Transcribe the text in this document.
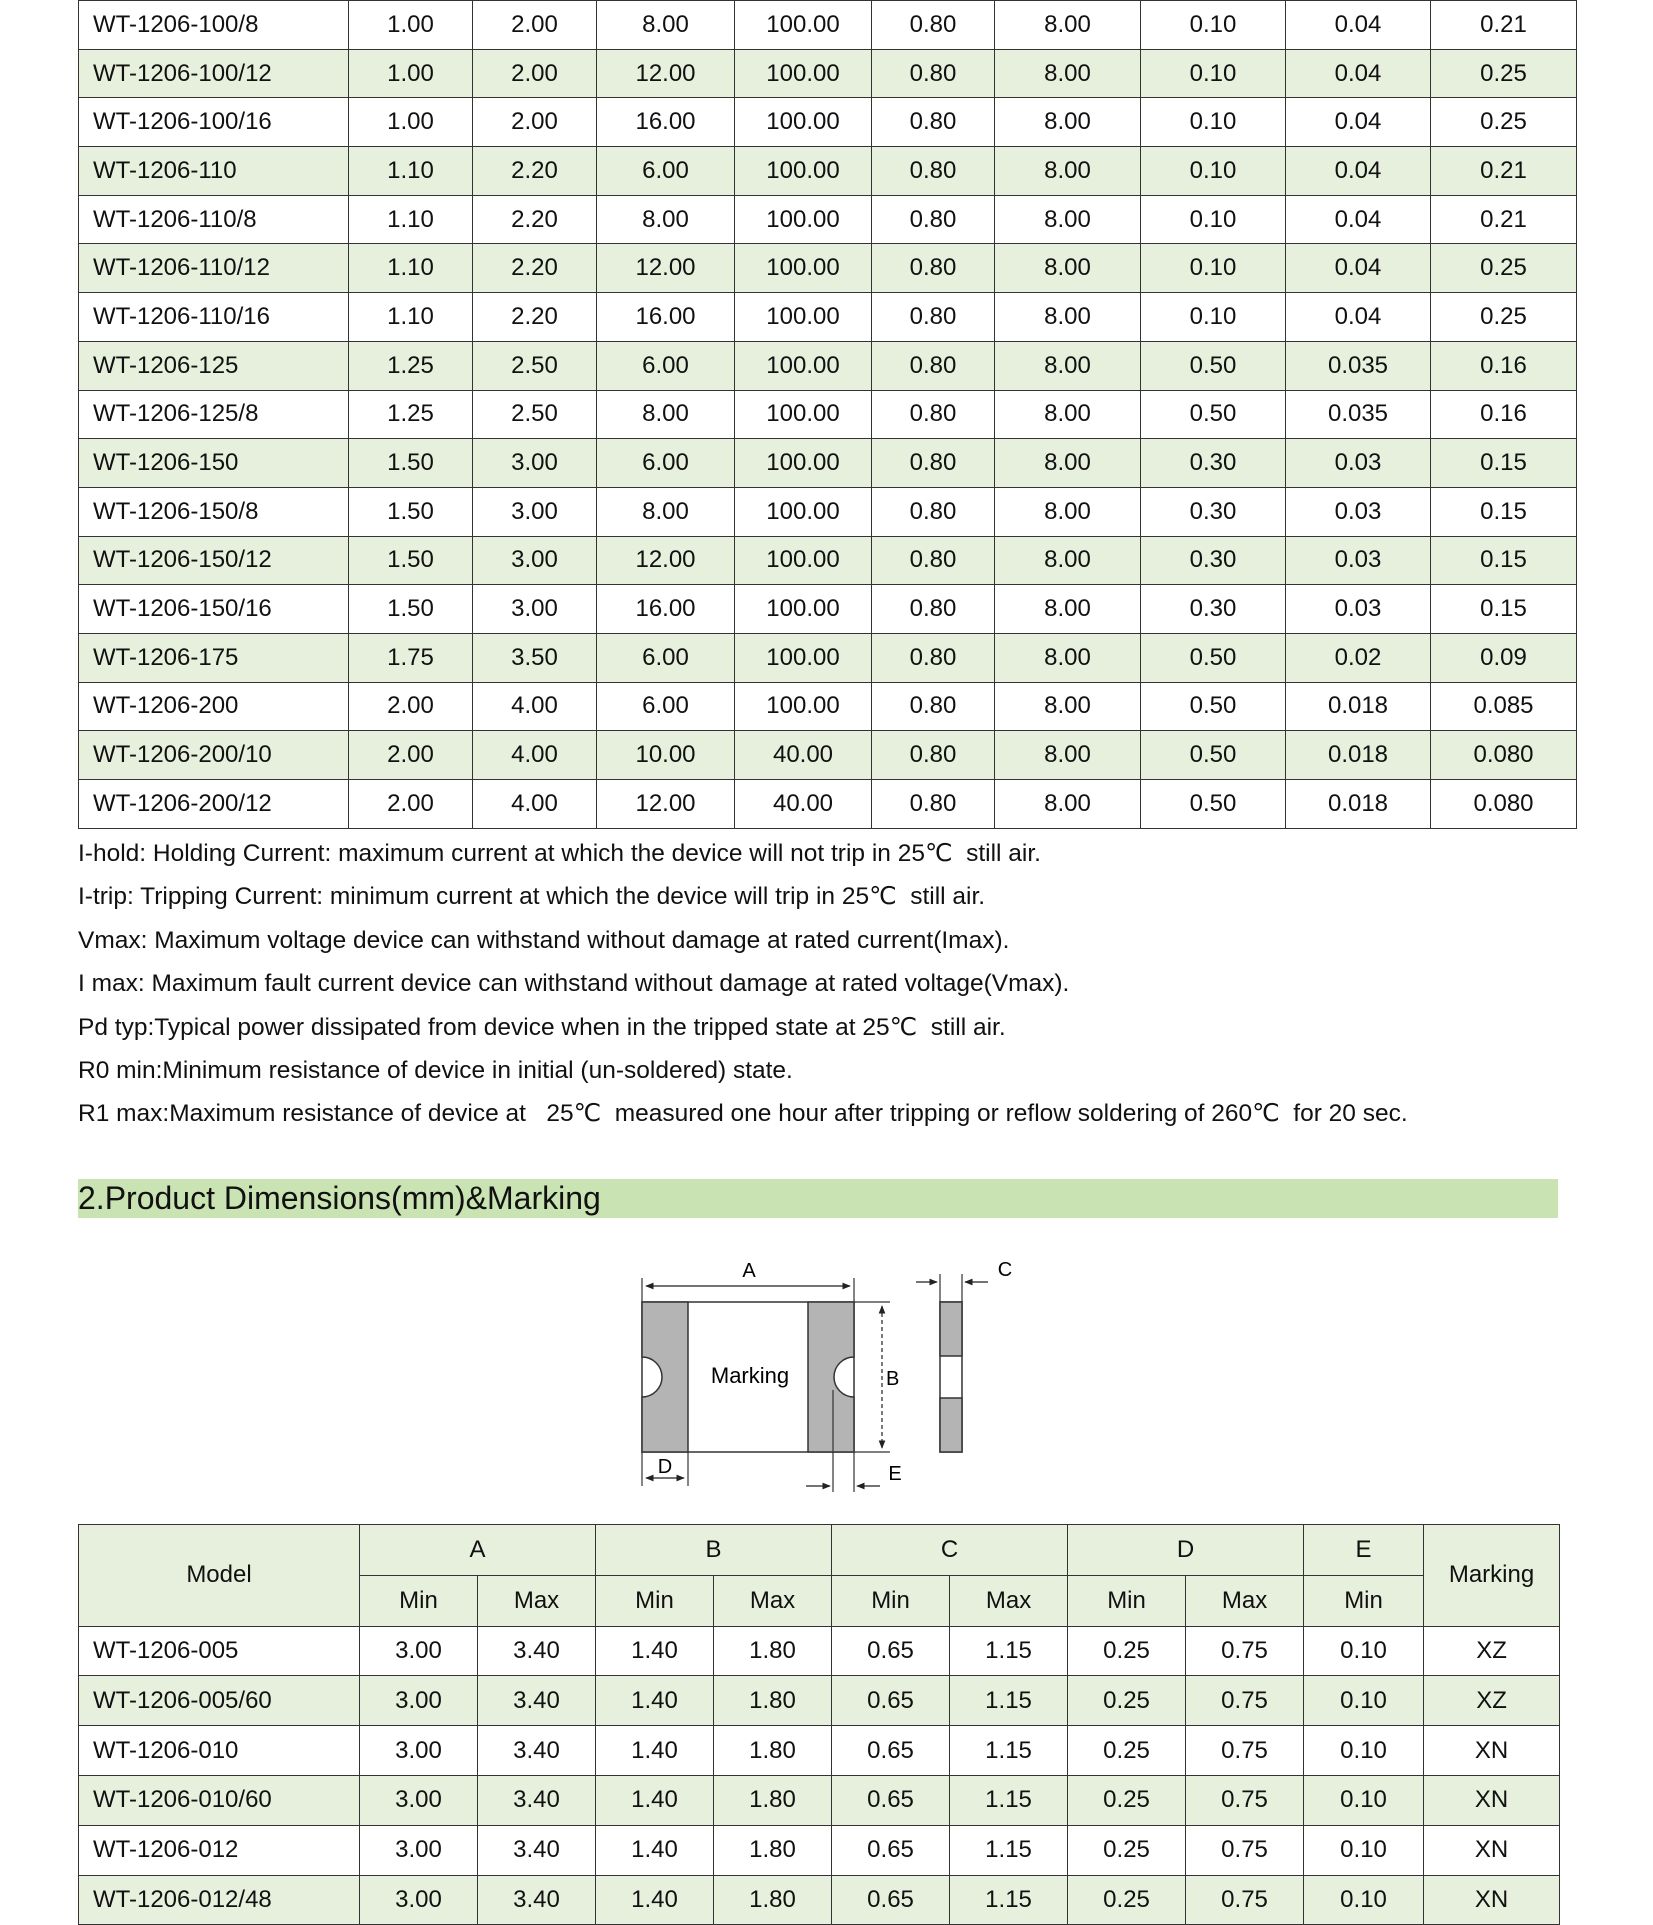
WT-1206-100/8	1.00	2.00	8.00	100.00	0.80	8.00	0.10	0.04	0.21
WT-1206-100/12	1.00	2.00	12.00	100.00	0.80	8.00	0.10	0.04	0.25
WT-1206-100/16	1.00	2.00	16.00	100.00	0.80	8.00	0.10	0.04	0.25
WT-1206-110	1.10	2.20	6.00	100.00	0.80	8.00	0.10	0.04	0.21
WT-1206-110/8	1.10	2.20	8.00	100.00	0.80	8.00	0.10	0.04	0.21
WT-1206-110/12	1.10	2.20	12.00	100.00	0.80	8.00	0.10	0.04	0.25
WT-1206-110/16	1.10	2.20	16.00	100.00	0.80	8.00	0.10	0.04	0.25
WT-1206-125	1.25	2.50	6.00	100.00	0.80	8.00	0.50	0.035	0.16
WT-1206-125/8	1.25	2.50	8.00	100.00	0.80	8.00	0.50	0.035	0.16
WT-1206-150	1.50	3.00	6.00	100.00	0.80	8.00	0.30	0.03	0.15
WT-1206-150/8	1.50	3.00	8.00	100.00	0.80	8.00	0.30	0.03	0.15
WT-1206-150/12	1.50	3.00	12.00	100.00	0.80	8.00	0.30	0.03	0.15
WT-1206-150/16	1.50	3.00	16.00	100.00	0.80	8.00	0.30	0.03	0.15
WT-1206-175	1.75	3.50	6.00	100.00	0.80	8.00	0.50	0.02	0.09
WT-1206-200	2.00	4.00	6.00	100.00	0.80	8.00	0.50	0.018	0.085
WT-1206-200/10	2.00	4.00	10.00	40.00	0.80	8.00	0.50	0.018	0.080
WT-1206-200/12	2.00	4.00	12.00	40.00	0.80	8.00	0.50	0.018	0.080
I-hold: Holding Current: maximum current at which the device will not trip in 25℃  still air.
I-trip: Tripping Current: minimum current at which the device will trip in 25℃  still air.
Vmax: Maximum voltage device can withstand without damage at rated current(Imax).
I max: Maximum fault current device can withstand without damage at rated voltage(Vmax).
Pd typ:Typical power dissipated from device when in the tripped state at 25℃  still air.
R0 min:Minimum resistance of device in initial (un-soldered) state.
R1 max:Maximum resistance of device at   25℃  measured one hour after tripping or reflow soldering of 260℃  for 20 sec.
2.Product Dimensions(mm)&Marking
Marking
A
B
D	E
C
Model	A		B		C		D		E	Marking
	Min	Max	Min	Max	Min	Max	Min	Max	Min	
WT-1206-005	3.00	3.40	1.40	1.80	0.65	1.15	0.25	0.75	0.10	XZ
WT-1206-005/60	3.00	3.40	1.40	1.80	0.65	1.15	0.25	0.75	0.10	XZ
WT-1206-010	3.00	3.40	1.40	1.80	0.65	1.15	0.25	0.75	0.10	XN
WT-1206-010/60	3.00	3.40	1.40	1.80	0.65	1.15	0.25	0.75	0.10	XN
WT-1206-012	3.00	3.40	1.40	1.80	0.65	1.15	0.25	0.75	0.10	XN
WT-1206-012/48	3.00	3.40	1.40	1.80	0.65	1.15	0.25	0.75	0.10	XN
